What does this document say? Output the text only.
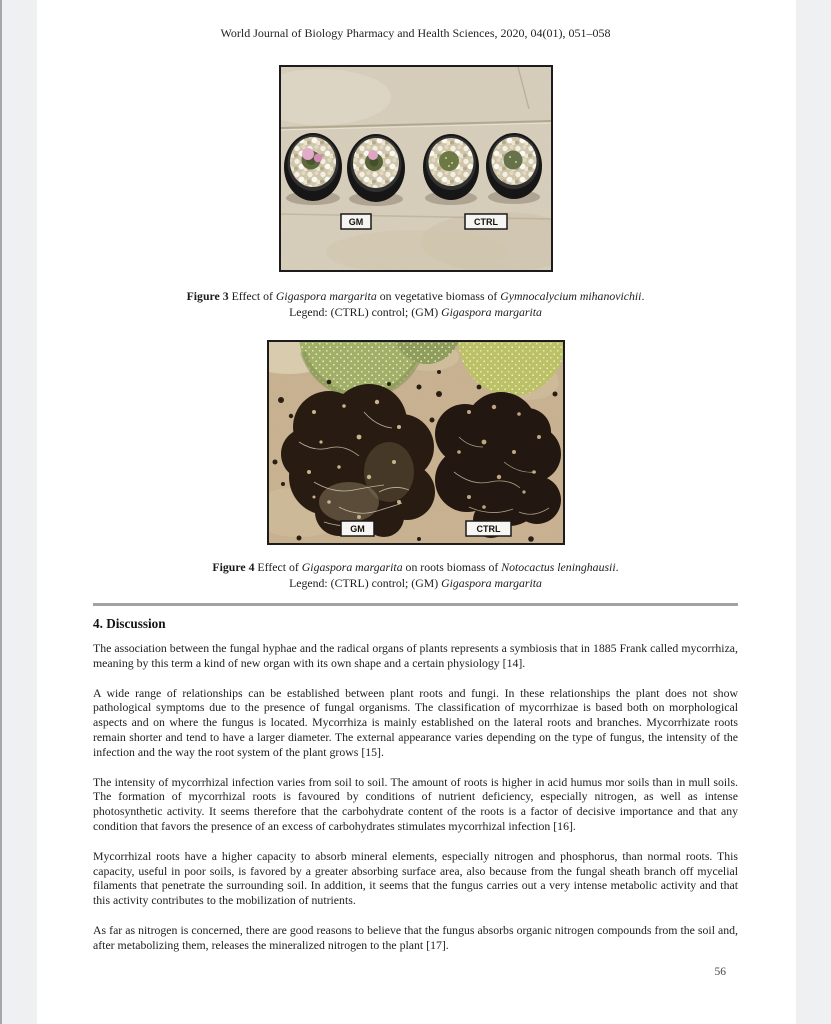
World Journal of Biology Pharmacy and Health Sciences, 2020, 04(01), 051–058
GM	CTRL
Figure 3 Effect of Gigaspora margarita on vegetative biomass of Gymnocalycium mihanovichii.
Legend: (CTRL) control; (GM) Gigaspora margarita
GM	CTRL
Figure 4 Effect of Gigaspora margarita on roots biomass of Notocactus leninghausii.
Legend: (CTRL) control; (GM) Gigaspora margarita
4. Discussion

The association between the fungal hyphae and the radical organs of plants represents a symbiosis that in 1885 Frank called mycorrhiza, meaning by this term a kind of new organ with its own shape and a certain physiology [14].

A wide range of relationships can be established between plant roots and fungi. In these relationships the plant does not show pathological symptoms due to the presence of fungal organisms. The classification of mycorrhizae is based both on morphological aspects and on where the fungus is located. Mycorrhiza is mainly established on the lateral roots and branches. Mycorrhizate roots remain shorter and tend to have a larger diameter. The external appearance varies depending on the type of fungus, the intensity of the infection and the way the root system of the plant grows [15].

The intensity of mycorrhizal infection varies from soil to soil. The amount of roots is higher in acid humus mor soils than in mull soils. The formation of mycorrhizal roots is favoured by conditions of nutrient deficiency, especially nitrogen, as well as intense photosynthetic activity. It seems therefore that the carbohydrate content of the roots is a factor of decisive importance and that any condition that favors the presence of an excess of carbohydrates stimulates mycorrhizal infection [16].

Mycorrhizal roots have a higher capacity to absorb mineral elements, especially nitrogen and phosphorus, than normal roots. This capacity, useful in poor soils, is favored by a greater absorbing surface area, also because from the fungal sheath branch off mycelial filaments that penetrate the surrounding soil. In addition, it seems that the fungus carries out a very intense metabolic activity and that this activity contributes to the mobilization of nutrients.

As far as nitrogen is concerned, there are good reasons to believe that the fungus absorbs organic nitrogen compounds from the soil and, after metabolizing them, releases the mineralized nitrogen to the plant [17].

56
